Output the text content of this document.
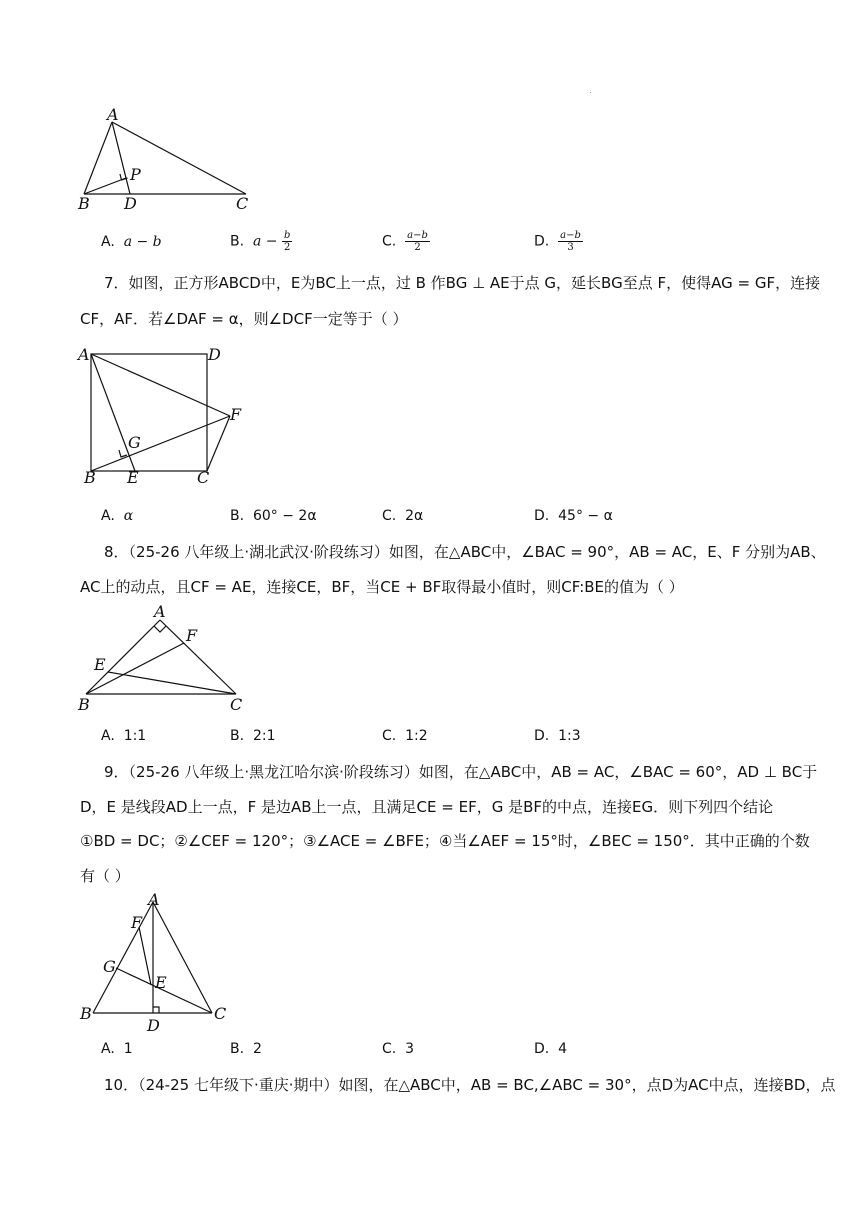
A
P
B D	C
A. a − b	B. $a - \frac{b}{2}$	C. $\frac{a-b}{2}$	D. $\frac{a-b}{3}$
7．如图，正方形ABCD中，E为BC上一点，过 B 作BG ⊥ AE于点 G，延长BG至点 F，使得AG = GF，连接
CF，AF．若∠DAF = α，则∠DCF一定等于（ ）
A	D
F
G
B E	C
A. α	B. 60° − 2α	C. 2α	D. 45° − α
8．（25-26 八年级上·湖北武汉·阶段练习）如图，在△ABC中，∠BAC = 90°，AB = AC，E、F 分别为AB、
AC上的动点，且CF = AE，连接CE，BF，当CE + BF取得最小值时，则CF:BE的值为（ ）
A
F
E
B	C
A. 1:1	B. 2:1	C. 1:2	D. 1:3
9．（25-26 八年级上·黑龙江哈尔滨·阶段练习）如图，在△ABC中，AB = AC，∠BAC = 60°，AD ⊥ BC于
D，E 是线段AD上一点，F 是边AB上一点，且满足CE = EF，G 是BF的中点，连接EG．则下列四个结论
①BD = DC；②∠CEF = 120°；③∠ACE = ∠BFE；④当∠AEF = 15°时，∠BEC = 150°．其中正确的个数
有（ ）
A
F
G
E
B	C
D
A. 1	B. 2	C. 3	D. 4
10．（24-25 七年级下·重庆·期中）如图，在△ABC中，AB = BC,∠ABC = 30°，点D为AC中点，连接BD，点
